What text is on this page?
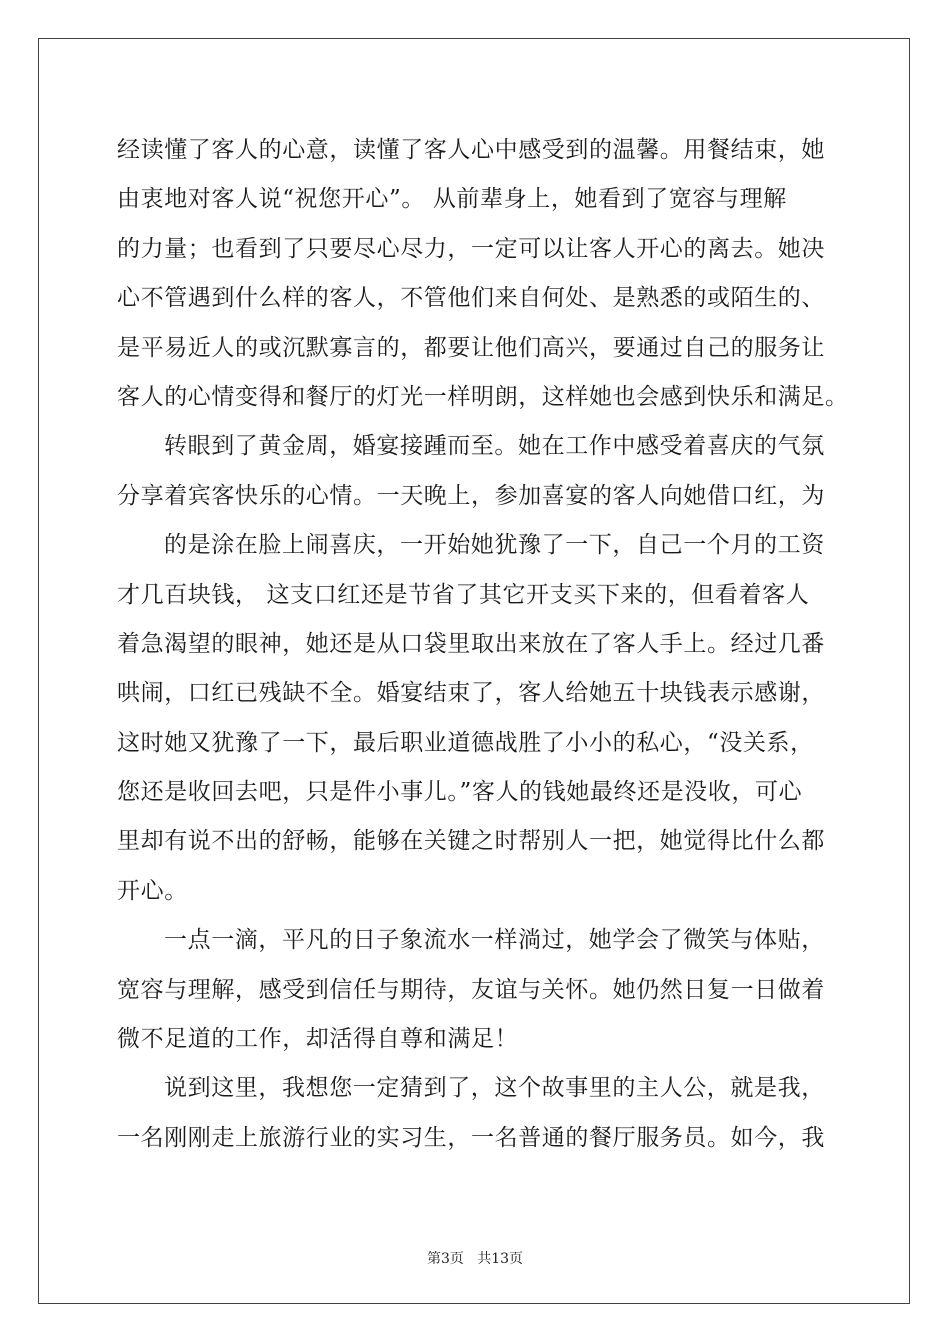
经读懂了客人的心意，读懂了客人心中感受到的温馨。用餐结束，她
由衷地对客人说“祝您开心”。 从前辈身上，她看到了宽容与理解
的力量；也看到了只要尽心尽力，一定可以让客人开心的离去。她决
心不管遇到什么样的客人，不管他们来自何处、是熟悉的或陌生的、
是平易近人的或沉默寡言的，都要让他们高兴，要通过自己的服务让
客人的心情变得和餐厅的灯光一样明朗，这样她也会感到快乐和满足。
转眼到了黄金周，婚宴接踵而至。她在工作中感受着喜庆的气氛
分享着宾客快乐的心情。一天晚上，参加喜宴的客人向她借口红，为
的是涂在脸上闹喜庆，一开始她犹豫了一下，自己一个月的工资
才几百块钱， 这支口红还是节省了其它开支买下来的，但看着客人
着急渴望的眼神，她还是从口袋里取出来放在了客人手上。经过几番
哄闹，口红已残缺不全。婚宴结束了，客人给她五十块钱表示感谢，
这时她又犹豫了一下，最后职业道德战胜了小小的私心，“没关系，
您还是收回去吧，只是件小事儿。”客人的钱她最终还是没收，可心
里却有说不出的舒畅，能够在关键之时帮别人一把，她觉得比什么都
开心。
一点一滴，平凡的日子象流水一样淌过，她学会了微笑与体贴，
宽容与理解，感受到信任与期待，友谊与关怀。她仍然日复一日做着
微不足道的工作，却活得自尊和满足！
说到这里，我想您一定猜到了，这个故事里的主人公，就是我，
一名刚刚走上旅游行业的实习生，一名普通的餐厅服务员。如今，我
第3页   共13页
